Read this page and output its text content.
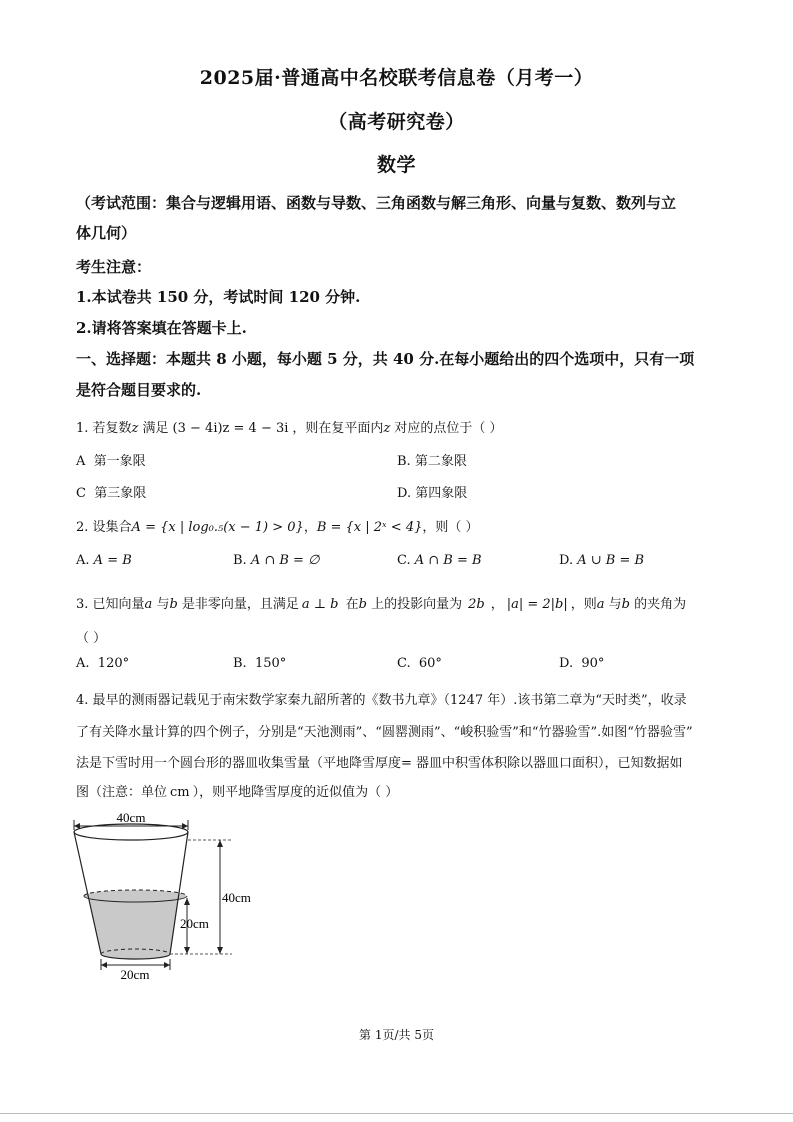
2025届·普通高中名校联考信息卷（月考一）
（高考研究卷）
数学
（考试范围：集合与逻辑用语、函数与导数、三角函数与解三角形、向量与复数、数列与立
体几何）
考生注意：
1.本试卷共 150 分，考试时间 120 分钟.
2.请将答案填在答题卡上.
一、选择题：本题共 8 小题，每小题 5 分，共 40 分.在每小题给出的四个选项中，只有一项
是符合题目要求的.
1. 若复数z 满足 (3 − 4i)z = 4 − 3i ，则在复平面内z 对应的点位于（ ）
A 第一象限	B. 第二象限
C 第三象限	D. 第四象限
2. 设集合A = {x | log₀.₅(x − 1) > 0}，B = {x | 2ˣ < 4}，则（ ）
A. A = B	B. A ∩ B = ∅	C. A ∩ B = B	D. A ∪ B = B
3. 已知向量a 与b 是非零向量，且满足 a ⊥ b 在b 上的投影向量为 2b ， |a| = 2|b| ，则a 与b 的夹角为
（ ）
A. 120°	B. 150°	C. 60°	D. 90°
4. 最早的测雨器记载见于南宋数学家秦九韶所著的《数书九章》（1247 年）.该书第二章为“天时类”，收录
了有关降水量计算的四个例子，分别是“天池测雨”、“圆罂测雨”、“峻积验雪”和“竹器验雪”.如图“竹器验雪”
法是下雪时用一个圆台形的器皿收集雪量（平地降雪厚度= 器皿中积雪体积除以器皿口面积），已知数据如
图（注意：单位 cm ），则平地降雪厚度的近似值为（ ）
40cm
40cm
20cm
20cm
第 1页/共 5页
